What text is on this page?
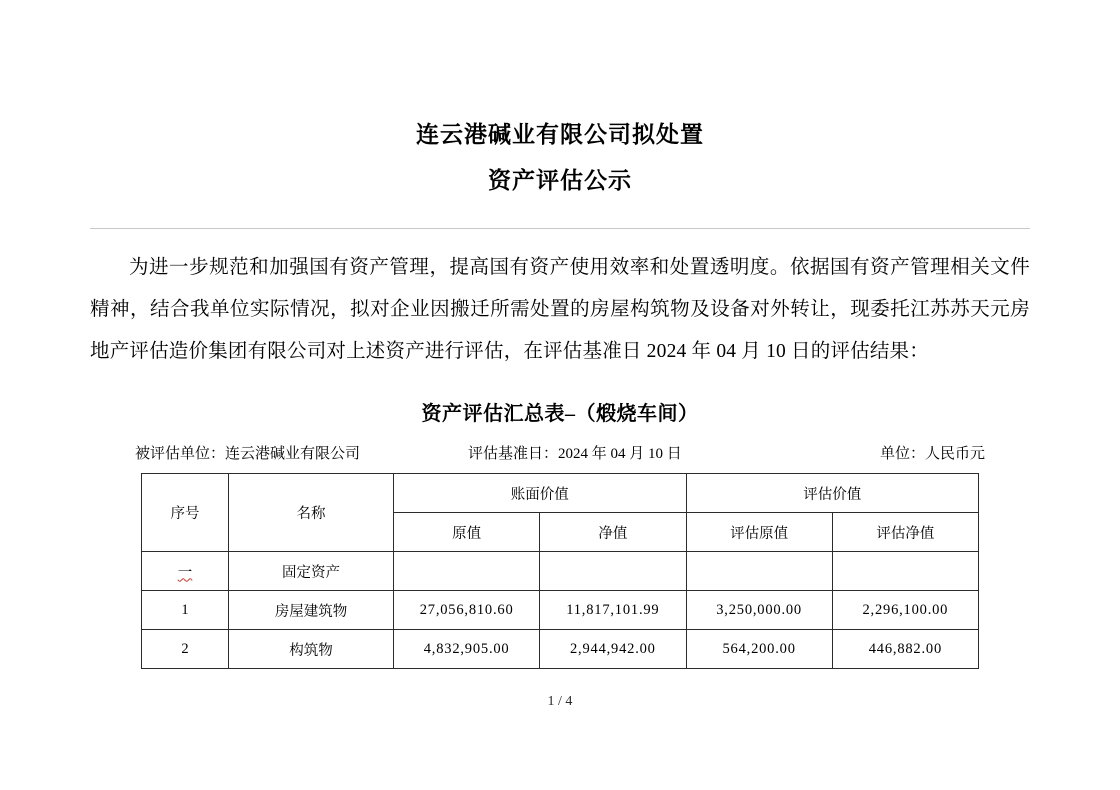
连云港碱业有限公司拟处置
资产评估公示
为进一步规范和加强国有资产管理，提高国有资产使用效率和处置透明度。依据国有资产管理相关文件精神，结合我单位实际情况，拟对企业因搬迁所需处置的房屋构筑物及设备对外转让，现委托江苏苏天元房地产评估造价集团有限公司对上述资产进行评估，在评估基准日 2024 年 04 月 10 日的评估结果：
资产评估汇总表–（煅烧车间）
被评估单位：连云港碱业有限公司	评估基准日：2024 年 04 月 10 日	单位：人民币元
序号	名称	账面价值		评估价值	
		原值	净值	评估原值	评估净值
一	固定资产				
1	房屋建筑物	27,056,810.60	11,817,101.99	3,250,000.00	2,296,100.00
2	构筑物	4,832,905.00	2,944,942.00	564,200.00	446,882.00
1 / 4
